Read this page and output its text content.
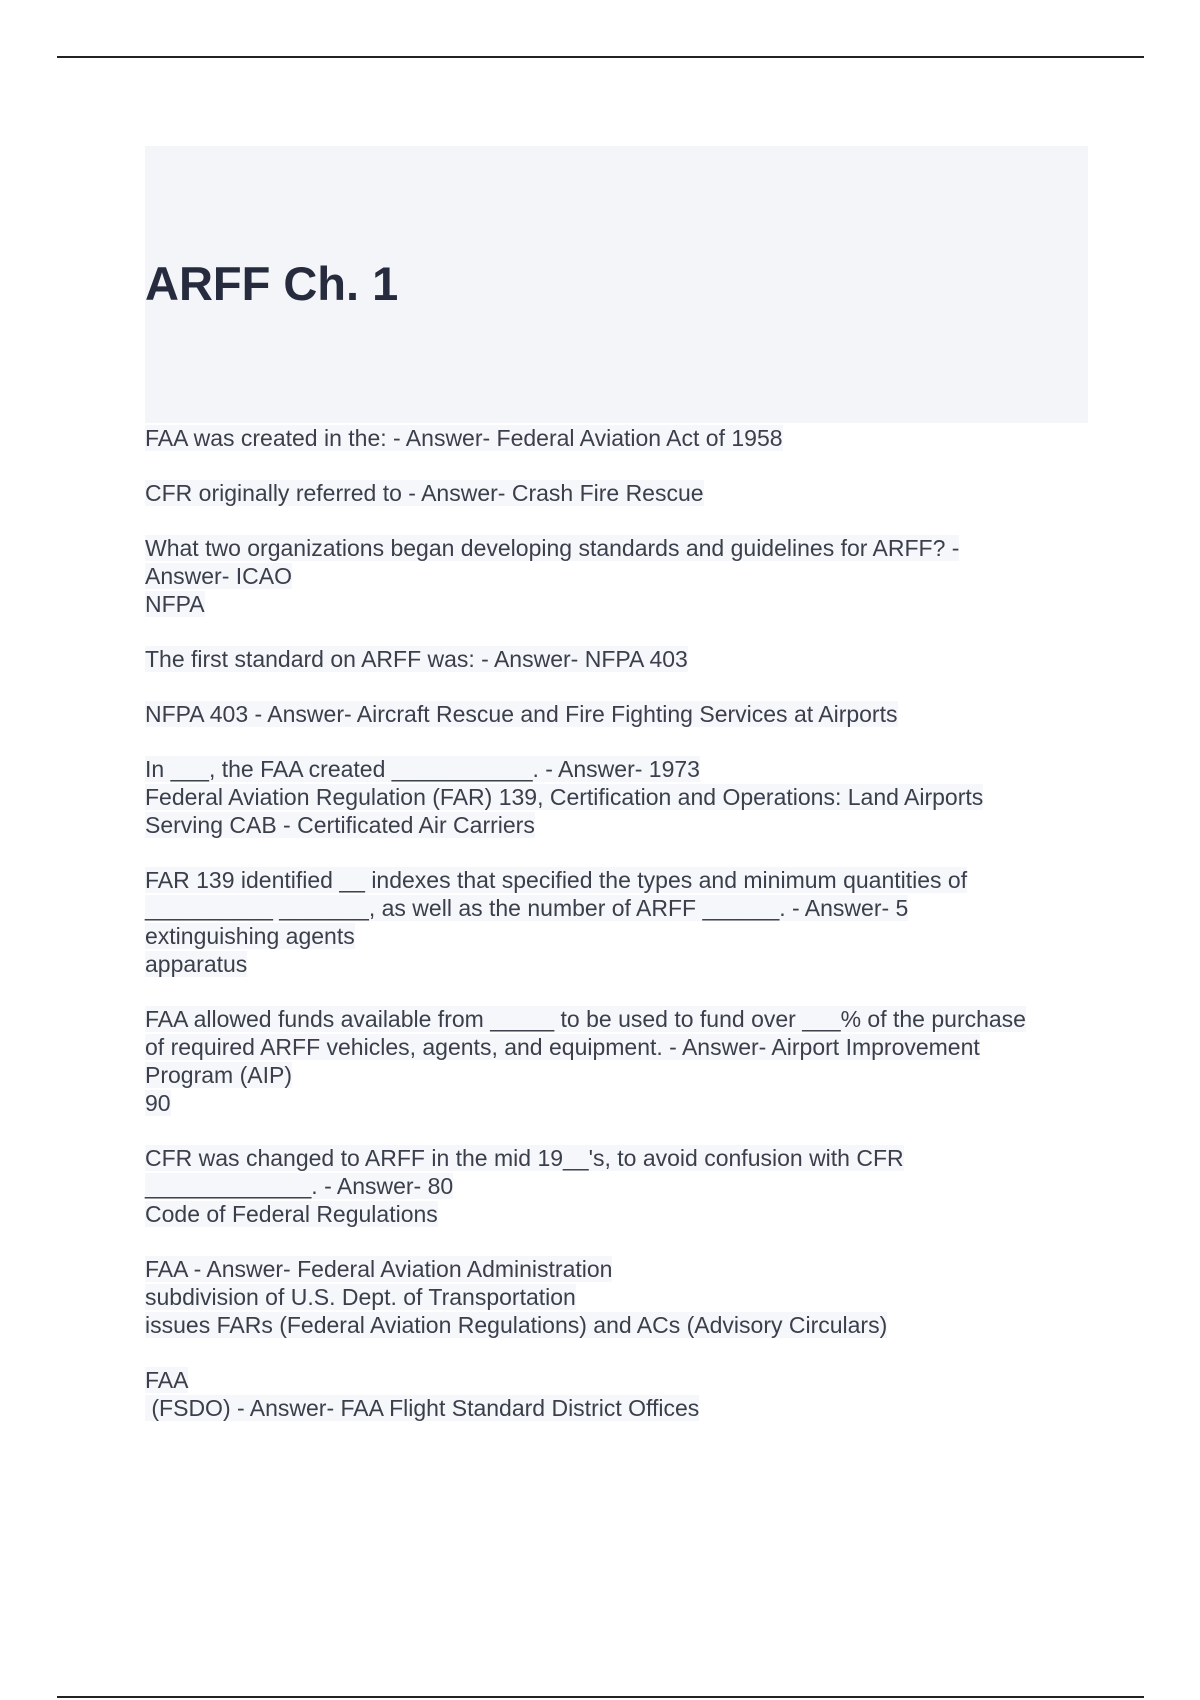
ARFF Ch. 1
FAA was created in the: - Answer- Federal Aviation Act of 1958
CFR originally referred to - Answer- Crash Fire Rescue
What two organizations began developing standards and guidelines for ARFF? -
Answer- ICAO
NFPA
The first standard on ARFF was: - Answer- NFPA 403
NFPA 403 - Answer- Aircraft Rescue and Fire Fighting Services at Airports
In ___, the FAA created ___________. - Answer- 1973
Federal Aviation Regulation (FAR) 139, Certification and Operations: Land Airports
Serving CAB - Certificated Air Carriers
FAR 139 identified __ indexes that specified the types and minimum quantities of
__________ _______, as well as the number of ARFF ______. - Answer- 5
extinguishing agents
apparatus
FAA allowed funds available from _____ to be used to fund over ___% of the purchase
of required ARFF vehicles, agents, and equipment. - Answer- Airport Improvement
Program (AIP)
90
CFR was changed to ARFF in the mid 19__'s, to avoid confusion with CFR
_____________. - Answer- 80
Code of Federal Regulations
FAA - Answer- Federal Aviation Administration
subdivision of U.S. Dept. of Transportation
issues FARs (Federal Aviation Regulations) and ACs (Advisory Circulars)
FAA
(FSDO) - Answer- FAA Flight Standard District Offices
